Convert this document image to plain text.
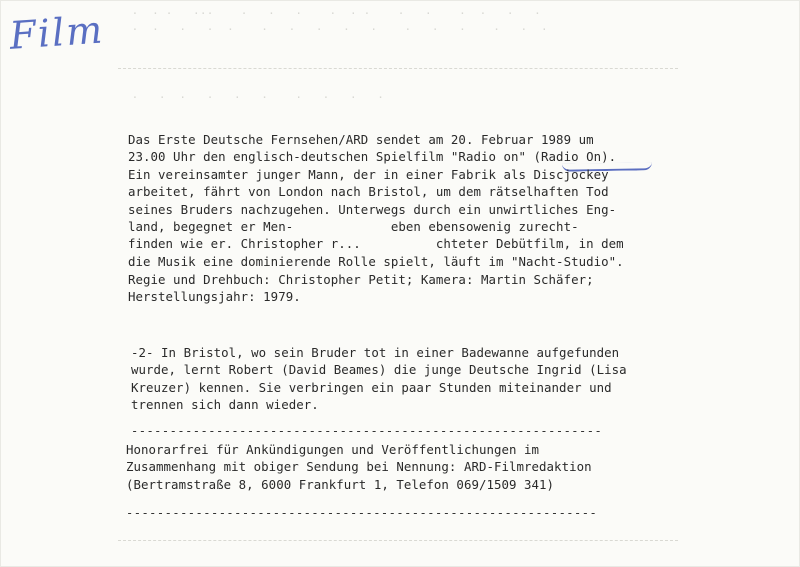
.  . .   ...    .   .   .    .  . .    .   .    .  .   .   .
.  .   .   .  .    .   .   .   .   .    .   .   .    .   .  .
.   .  .   .   .   .    .   .   .   .
Film
Das Erste Deutsche Fernsehen/ARD sendet am 20. Februar 1989 um
23.00 Uhr den englisch-deutschen Spielfilm "Radio on" (Radio On).
Ein vereinsamter junger Mann, der in einer Fabrik als Discjockey
arbeitet, fährt von London nach Bristol, um dem rätselhaften Tod
seines Bruders nachzugehen. Unterwegs durch ein unwirtliches Eng-
land, begegnet er Men-             eben ebensowenig zurecht-
finden wie er. Christopher r...          chteter Debütfilm, in dem
die Musik eine dominierende Rolle spielt, läuft im "Nacht-Studio".
Regie und Drehbuch: Christopher Petit; Kamera: Martin Schäfer;
Herstellungsjahr: 1979.
-2- In Bristol, wo sein Bruder tot in einer Badewanne aufgefunden
wurde, lernt Robert (David Beames) die junge Deutsche Ingrid (Lisa
Kreuzer) kennen. Sie verbringen ein paar Stunden miteinander und
trennen sich dann wieder.
-------------------------------------------------------------
Honorarfrei für Ankündigungen und Veröffentlichungen im
Zusammenhang mit obiger Sendung bei Nennung: ARD-Filmredaktion
(Bertramstraße 8, 6000 Frankfurt 1, Telefon 069/1509 341)
-------------------------------------------------------------
